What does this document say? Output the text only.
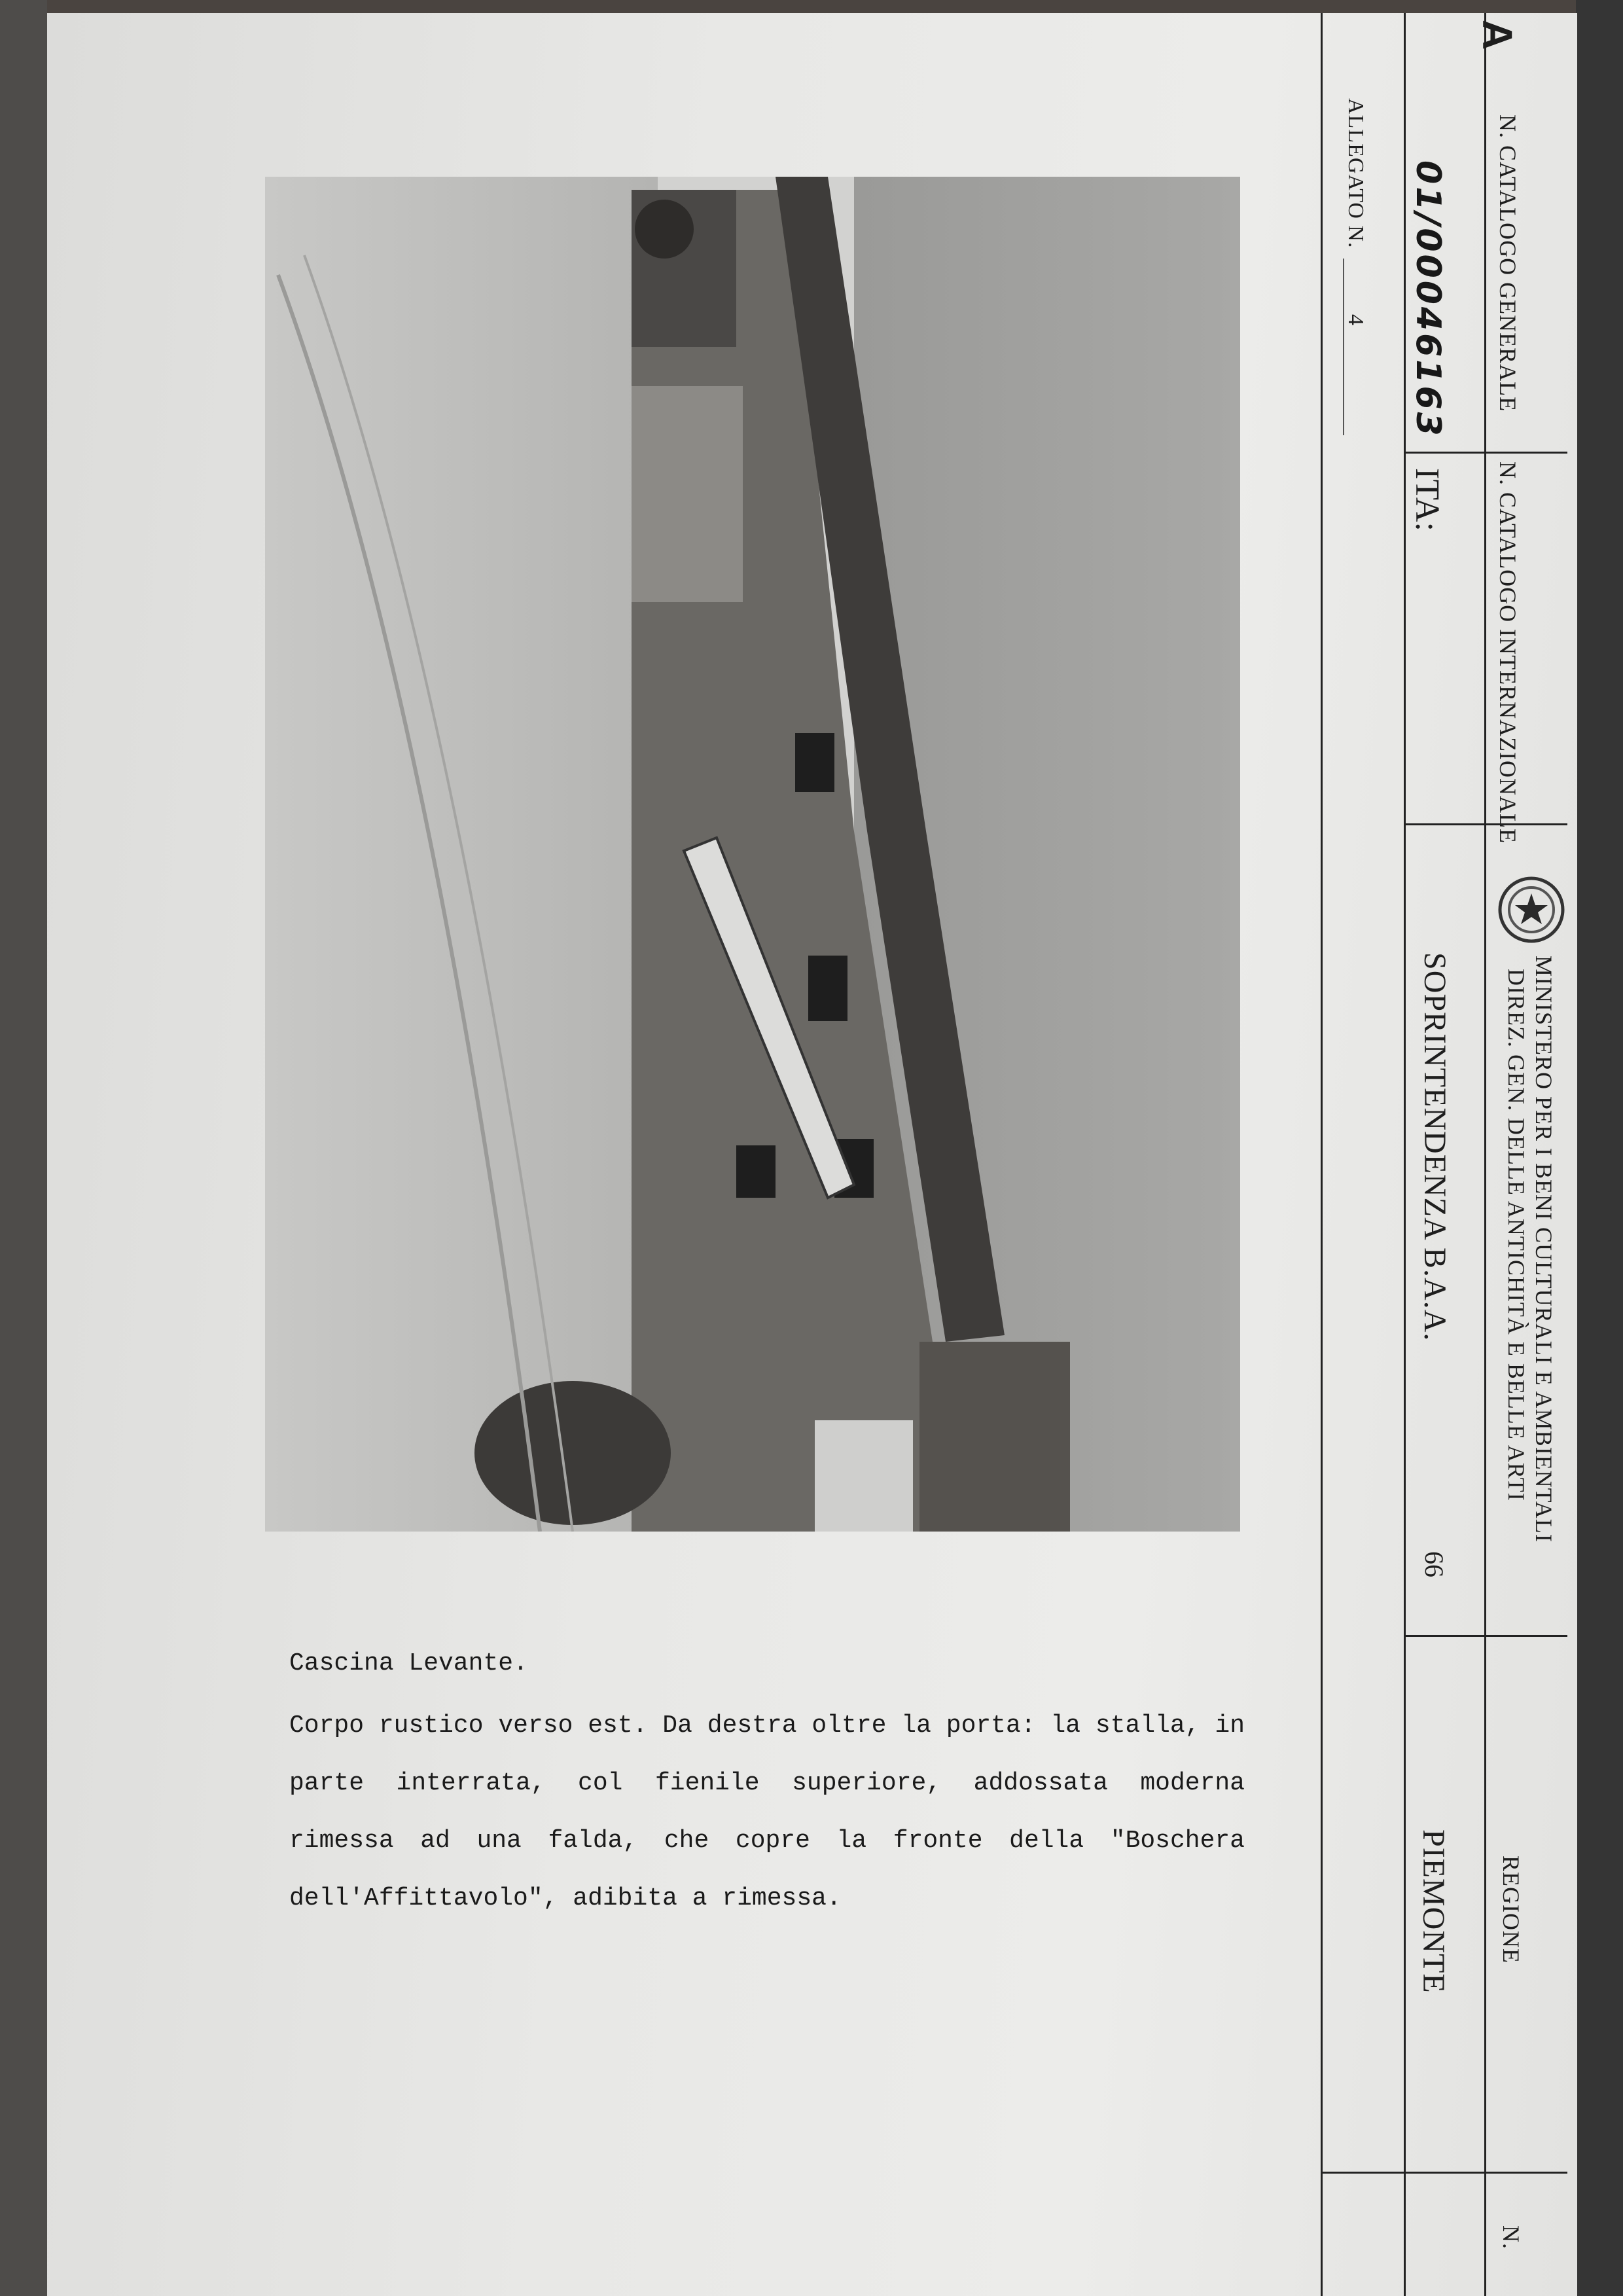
A
N. CATALOGO GENERALE
01/00046163
N. CATALOGO INTERNAZIONALE
ITA:
ALLEGATO N.
4
MINISTERO PER I BENI CULTURALI E AMBIENTALI
DIREZ. GEN. DELLE ANTICHITÀ E BELLE ARTI
SOPRINTENDENZA B.A.A.
66
REGIONE
PIEMONTE
N.
Cascina Levante.
Corpo rustico verso est. Da destra oltre la porta: la stalla, in parte interrata, col fienile superiore, addossata moderna rimessa ad una falda, che copre la fronte della "Boschera dell'Affittavolo", adibita a rimessa.
